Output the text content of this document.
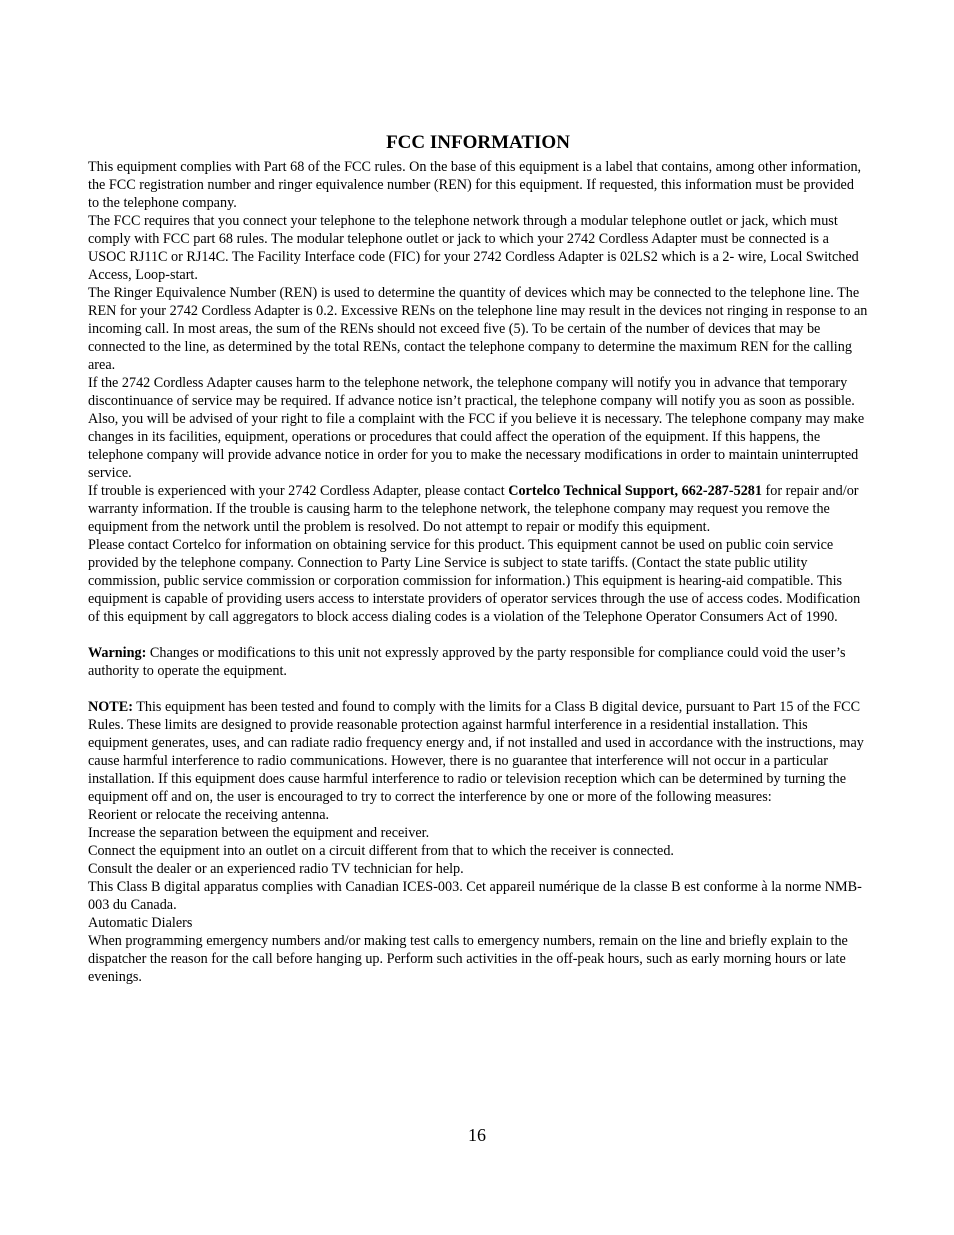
FCC INFORMATION

This equipment complies with Part 68 of the FCC rules. On the base of this equipment is a label that contains, among other information, the FCC registration number and ringer equivalence number (REN) for this equipment. If requested, this information must be provided to the telephone company.

The FCC requires that you connect your telephone to the telephone network through a modular telephone outlet or jack, which must comply with FCC part 68 rules. The modular telephone outlet or jack to which your 2742 Cordless Adapter must be connected is a USOC RJ11C or RJ14C. The Facility Interface code (FIC) for your 2742 Cordless Adapter is 02LS2 which is a 2- wire, Local Switched Access, Loop-start.

The Ringer Equivalence Number (REN) is used to determine the quantity of devices which may be connected to the telephone line. The REN for your 2742 Cordless Adapter is 0.2. Excessive RENs on the telephone line may result in the devices not ringing in response to an incoming call. In most areas, the sum of the RENs should not exceed five (5). To be certain of the number of devices that may be connected to the line, as determined by the total RENs, contact the telephone company to determine the maximum REN for the calling area.

If the 2742 Cordless Adapter causes harm to the telephone network, the telephone company will notify you in advance that temporary discontinuance of service may be required. If advance notice isn’t practical, the telephone company will notify you as soon as possible. Also, you will be advised of your right to file a complaint with the FCC if you believe it is necessary. The telephone company may make changes in its facilities, equipment, operations or procedures that could affect the operation of the equipment. If this happens, the telephone company will provide advance notice in order for you to make the necessary modifications in order to maintain uninterrupted service.

If trouble is experienced with your 2742 Cordless Adapter, please contact Cortelco Technical Support, 662-287-5281 for repair and/or warranty information. If the trouble is causing harm to the telephone network, the telephone company may request you remove the equipment from the network until the problem is resolved. Do not attempt to repair or modify this equipment.

Please contact Cortelco for information on obtaining service for this product. This equipment cannot be used on public coin service provided by the telephone company. Connection to Party Line Service is subject to state tariffs. (Contact the state public utility commission, public service commission or corporation commission for information.) This equipment is hearing-aid compatible. This equipment is capable of providing users access to interstate providers of operator services through the use of access codes. Modification of this equipment by call aggregators to block access dialing codes is a violation of the Telephone Operator Consumers Act of 1990.

Warning: Changes or modifications to this unit not expressly approved by the party responsible for compliance could void the user’s authority to operate the equipment.

NOTE: This equipment has been tested and found to comply with the limits for a Class B digital device, pursuant to Part 15 of the FCC Rules. These limits are designed to provide reasonable protection against harmful interference in a residential installation. This equipment generates, uses, and can radiate radio frequency energy and, if not installed and used in accordance with the instructions, may cause harmful interference to radio communications. However, there is no guarantee that interference will not occur in a particular installation. If this equipment does cause harmful interference to radio or television reception which can be determined by turning the equipment off and on, the user is encouraged to try to correct the interference by one or more of the following measures:

Reorient or relocate the receiving antenna.

Increase the separation between the equipment and receiver.

Connect the equipment into an outlet on a circuit different from that to which the receiver is connected.

Consult the dealer or an experienced radio TV technician for help.

This Class B digital apparatus complies with Canadian ICES-003. Cet appareil numérique de la classe B est conforme à la norme NMB-003 du Canada.

Automatic Dialers

When programming emergency numbers and/or making test calls to emergency numbers, remain on the line and briefly explain to the dispatcher the reason for the call before hanging up. Perform such activities in the off-peak hours, such as early morning hours or late evenings.

16
